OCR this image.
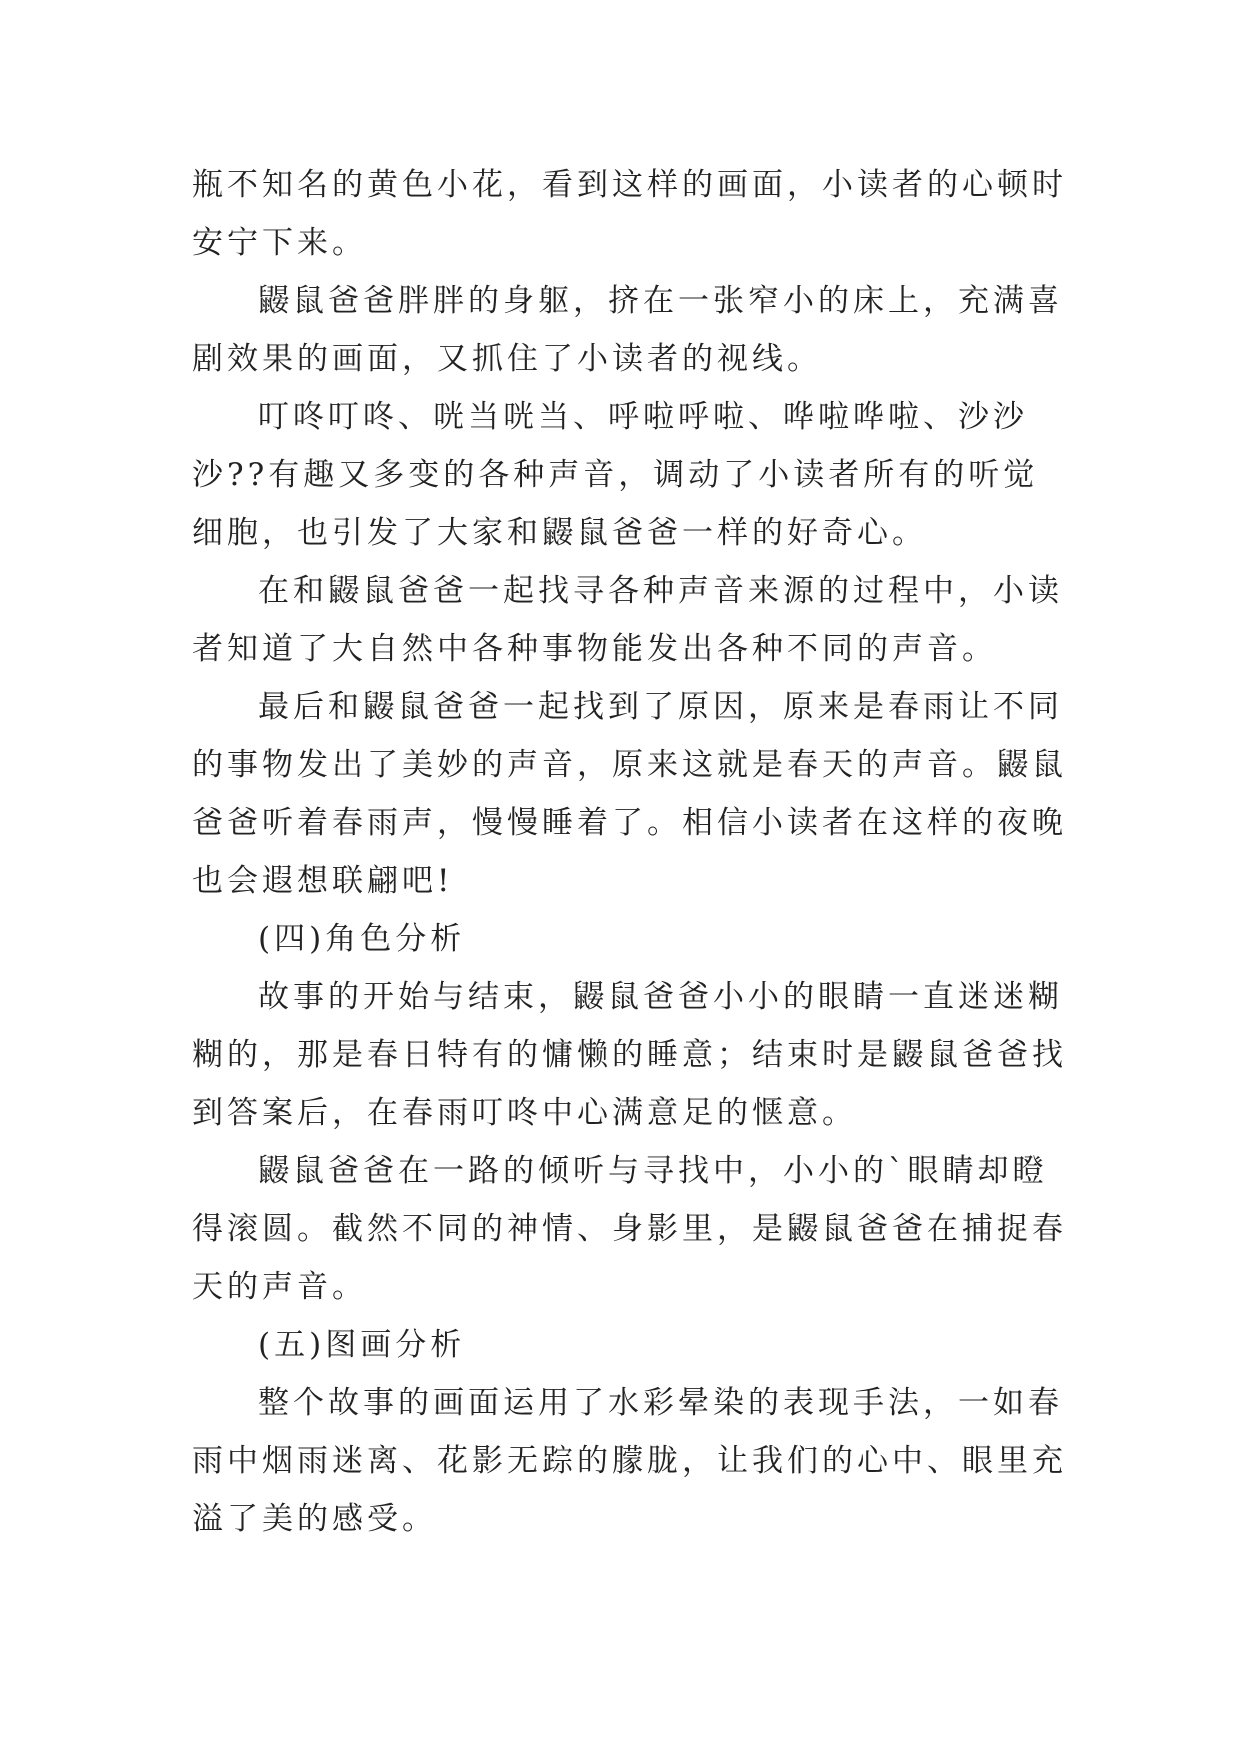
瓶不知名的黄色小花，看到这样的画面，小读者的心顿时安宁下来。

鼹鼠爸爸胖胖的身躯，挤在一张窄小的床上，充满喜剧效果的画面，又抓住了小读者的视线。

叮咚叮咚、咣当咣当、呼啦呼啦、哗啦哗啦、沙沙沙??有趣又多变的各种声音，调动了小读者所有的听觉细胞，也引发了大家和鼹鼠爸爸一样的好奇心。

在和鼹鼠爸爸一起找寻各种声音来源的过程中，小读者知道了大自然中各种事物能发出各种不同的声音。

最后和鼹鼠爸爸一起找到了原因，原来是春雨让不同的事物发出了美妙的声音，原来这就是春天的声音。鼹鼠爸爸听着春雨声，慢慢睡着了。相信小读者在这样的夜晚也会遐想联翩吧!

(四)角色分析

故事的开始与结束，鼹鼠爸爸小小的眼睛一直迷迷糊糊的，那是春日特有的慵懒的睡意；结束时是鼹鼠爸爸找到答案后，在春雨叮咚中心满意足的惬意。

鼹鼠爸爸在一路的倾听与寻找中，小小的`眼睛却瞪得滚圆。截然不同的神情、身影里，是鼹鼠爸爸在捕捉春天的声音。

(五)图画分析

整个故事的画面运用了水彩晕染的表现手法，一如春雨中烟雨迷离、花影无踪的朦胧，让我们的心中、眼里充溢了美的感受。
